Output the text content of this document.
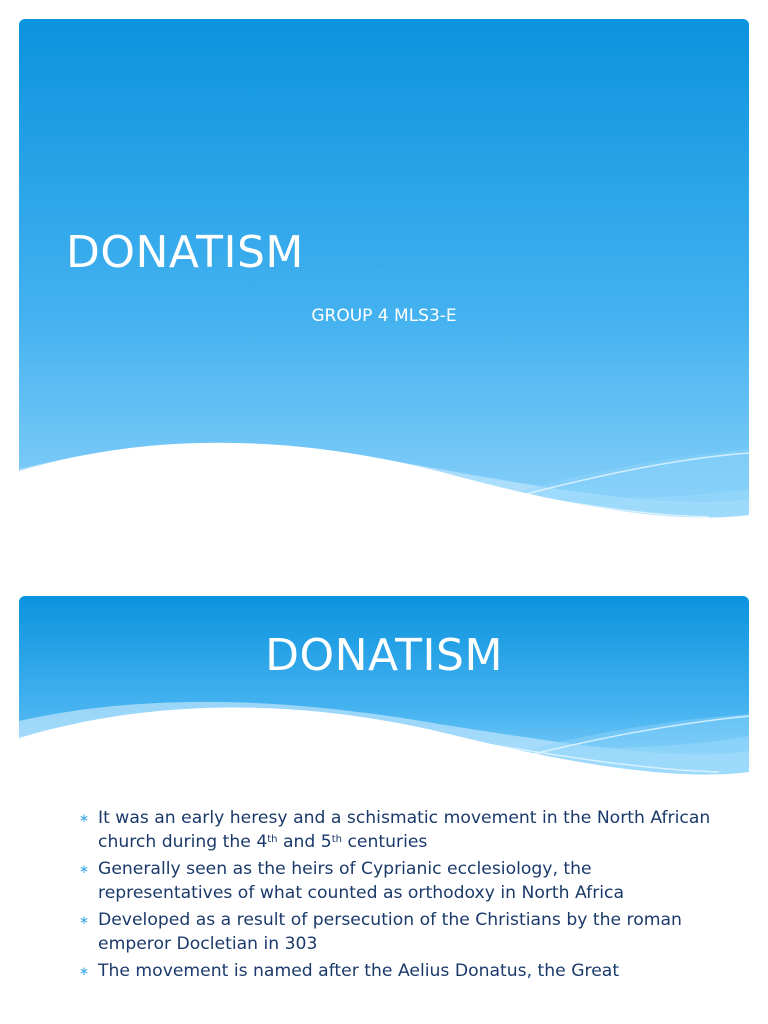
DONATISM

GROUP 4 MLS3-E

DONATISM
∗ It was an early heresy and a schismatic movement in the North African church during the 4th and 5th centuries
∗ Generally seen as the heirs of Cyprianic ecclesiology, the representatives of what counted as orthodoxy in North Africa
∗ Developed as a result of persecution of the Christians by the roman emperor Docletian in 303
∗ The movement is named after the Aelius Donatus, the Great
